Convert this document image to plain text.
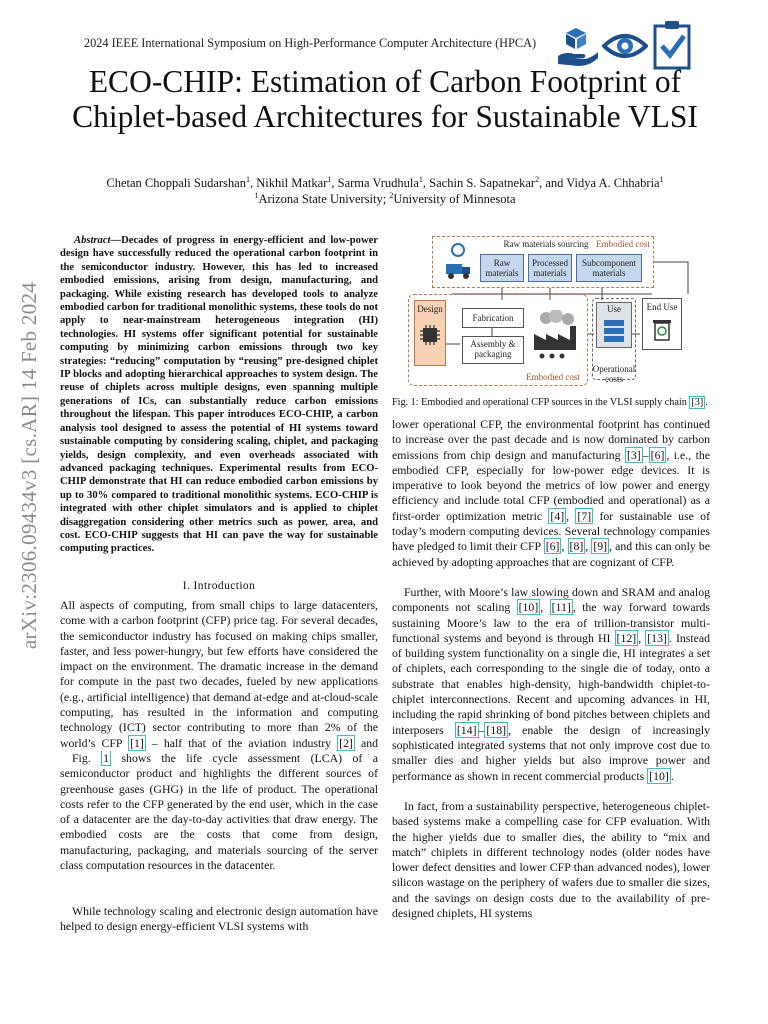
arXiv:2306.09434v3 [cs.AR] 14 Feb 2024
2024 IEEE International Symposium on High-Performance Computer Architecture (HPCA)
ECO-CHIP: Estimation of Carbon Footprint of
Chiplet-based Architectures for Sustainable VLSI
Chetan Choppali Sudarshan$^1$, Nikhil Matkar$^1$, Sarma Vrudhula$^1$, Sachin S. Sapatnekar$^2$, and Vidya A. Chhabria$^1$
$^1$Arizona State University; $^2$University of Minnesota
Abstract—Decades of progress in energy-efficient and low-power design have successfully reduced the operational carbon footprint in the semiconductor industry. However, this has led to increased embodied emissions, arising from design, manufacturing, and packaging. While existing research has developed tools to analyze embodied carbon for traditional monolithic systems, these tools do not apply to near-mainstream heterogeneous integration (HI) technologies. HI systems offer significant potential for sustainable computing by minimizing carbon emissions through two key strategies: “reducing” computation by “reusing” pre-designed chiplet IP blocks and adopting hierarchical approaches to system design. The reuse of chiplets across multiple designs, even spanning multiple generations of ICs, can substantially reduce carbon emissions throughout the lifespan. This paper introduces ECO-CHIP, a carbon analysis tool designed to assess the potential of HI systems toward sustainable computing by considering scaling, chiplet, and packaging yields, design complexity, and even overheads associated with advanced packaging techniques. Experimental results from ECO-CHIP demonstrate that HI can reduce embodied carbon emissions by up to 30% compared to traditional monolithic systems. ECO-CHIP is integrated with other chiplet simulators and is applied to chiplet disaggregation considering other metrics such as power, area, and cost. ECO-CHIP suggests that HI can pave the way for sustainable computing practices.
I. Introduction
All aspects of computing, from small chips to large datacenters, come with a carbon footprint (CFP) price tag. For several decades, the semiconductor industry has focused on making chips smaller, faster, and less power-hungry, but few efforts have considered the impact on the environment. The dramatic increase in the demand for compute in the past two decades, fueled by new applications (e.g., artificial intelligence) that demand at-edge and at-cloud-scale computing, has resulted in the information and computing technology (ICT) sector contributing to more than 2% of the world’s CFP [1] – half that of the aviation industry [2] and
Fig. 1 shows the life cycle assessment (LCA) of a semiconductor product and highlights the different sources of greenhouse gases (GHG) in the life of product. The operational costs refer to the CFP generated by the end user, which in the case of a datacenter are the day-to-day activities that draw energy. The embodied costs are the costs that come from design, manufacturing, packaging, and materials sourcing of the server class computation resources in the datacenter.
While technology scaling and electronic design automation have helped to design energy-efficient VLSI systems with
Raw materials sourcing Embodied cost
Raw materials
Processed materials
Subcomponent materials
Design
Fabrication
Assembly & packaging
Embodied cost
Use
Operational costs
End Use
Fig. 1: Embodied and operational CFP sources in the VLSI supply chain [3] .
lower operational CFP, the environmental footprint has continued to increase over the past decade and is now dominated by carbon emissions from chip design and manufacturing [3] – [6] , i.e., the embodied CFP, especially for low-power edge devices. It is imperative to look beyond the metrics of low power and energy efficiency and include total CFP (embodied and operational) as a first-order optimization metric [4] , [7] for sustainable use of today’s modern computing devices. Several technology companies have pledged to limit their CFP [6] , [8] , [9] , and this can only be achieved by adopting approaches that are cognizant of CFP.
Further, with Moore’s law slowing down and SRAM and analog components not scaling [10] , [11] , the way forward towards sustaining Moore’s law to the era of trillion-transistor multi-functional systems and beyond is through HI [12] , [13] . Instead of building system functionality on a single die, HI integrates a set of chiplets, each corresponding to the single die of today, onto a substrate that enables high-density, high-bandwidth chiplet-to-chiplet interconnections. Recent and upcoming advances in HI, including the rapid shrinking of bond pitches between chiplets and interposers [14] – [18] , enable the design of increasingly sophisticated integrated systems that not only improve cost due to smaller dies and higher yields but also improve power and performance as shown in recent commercial products [10] .
In fact, from a sustainability perspective, heterogeneous chiplet-based systems make a compelling case for CFP evaluation. With the higher yields due to smaller dies, the ability to “mix and match” chiplets in different technology nodes (older nodes have lower defect densities and lower CFP than advanced nodes), lower silicon wastage on the periphery of wafers due to smaller die sizes, and the savings on design costs due to the availability of pre-designed chiplets, HI systems
